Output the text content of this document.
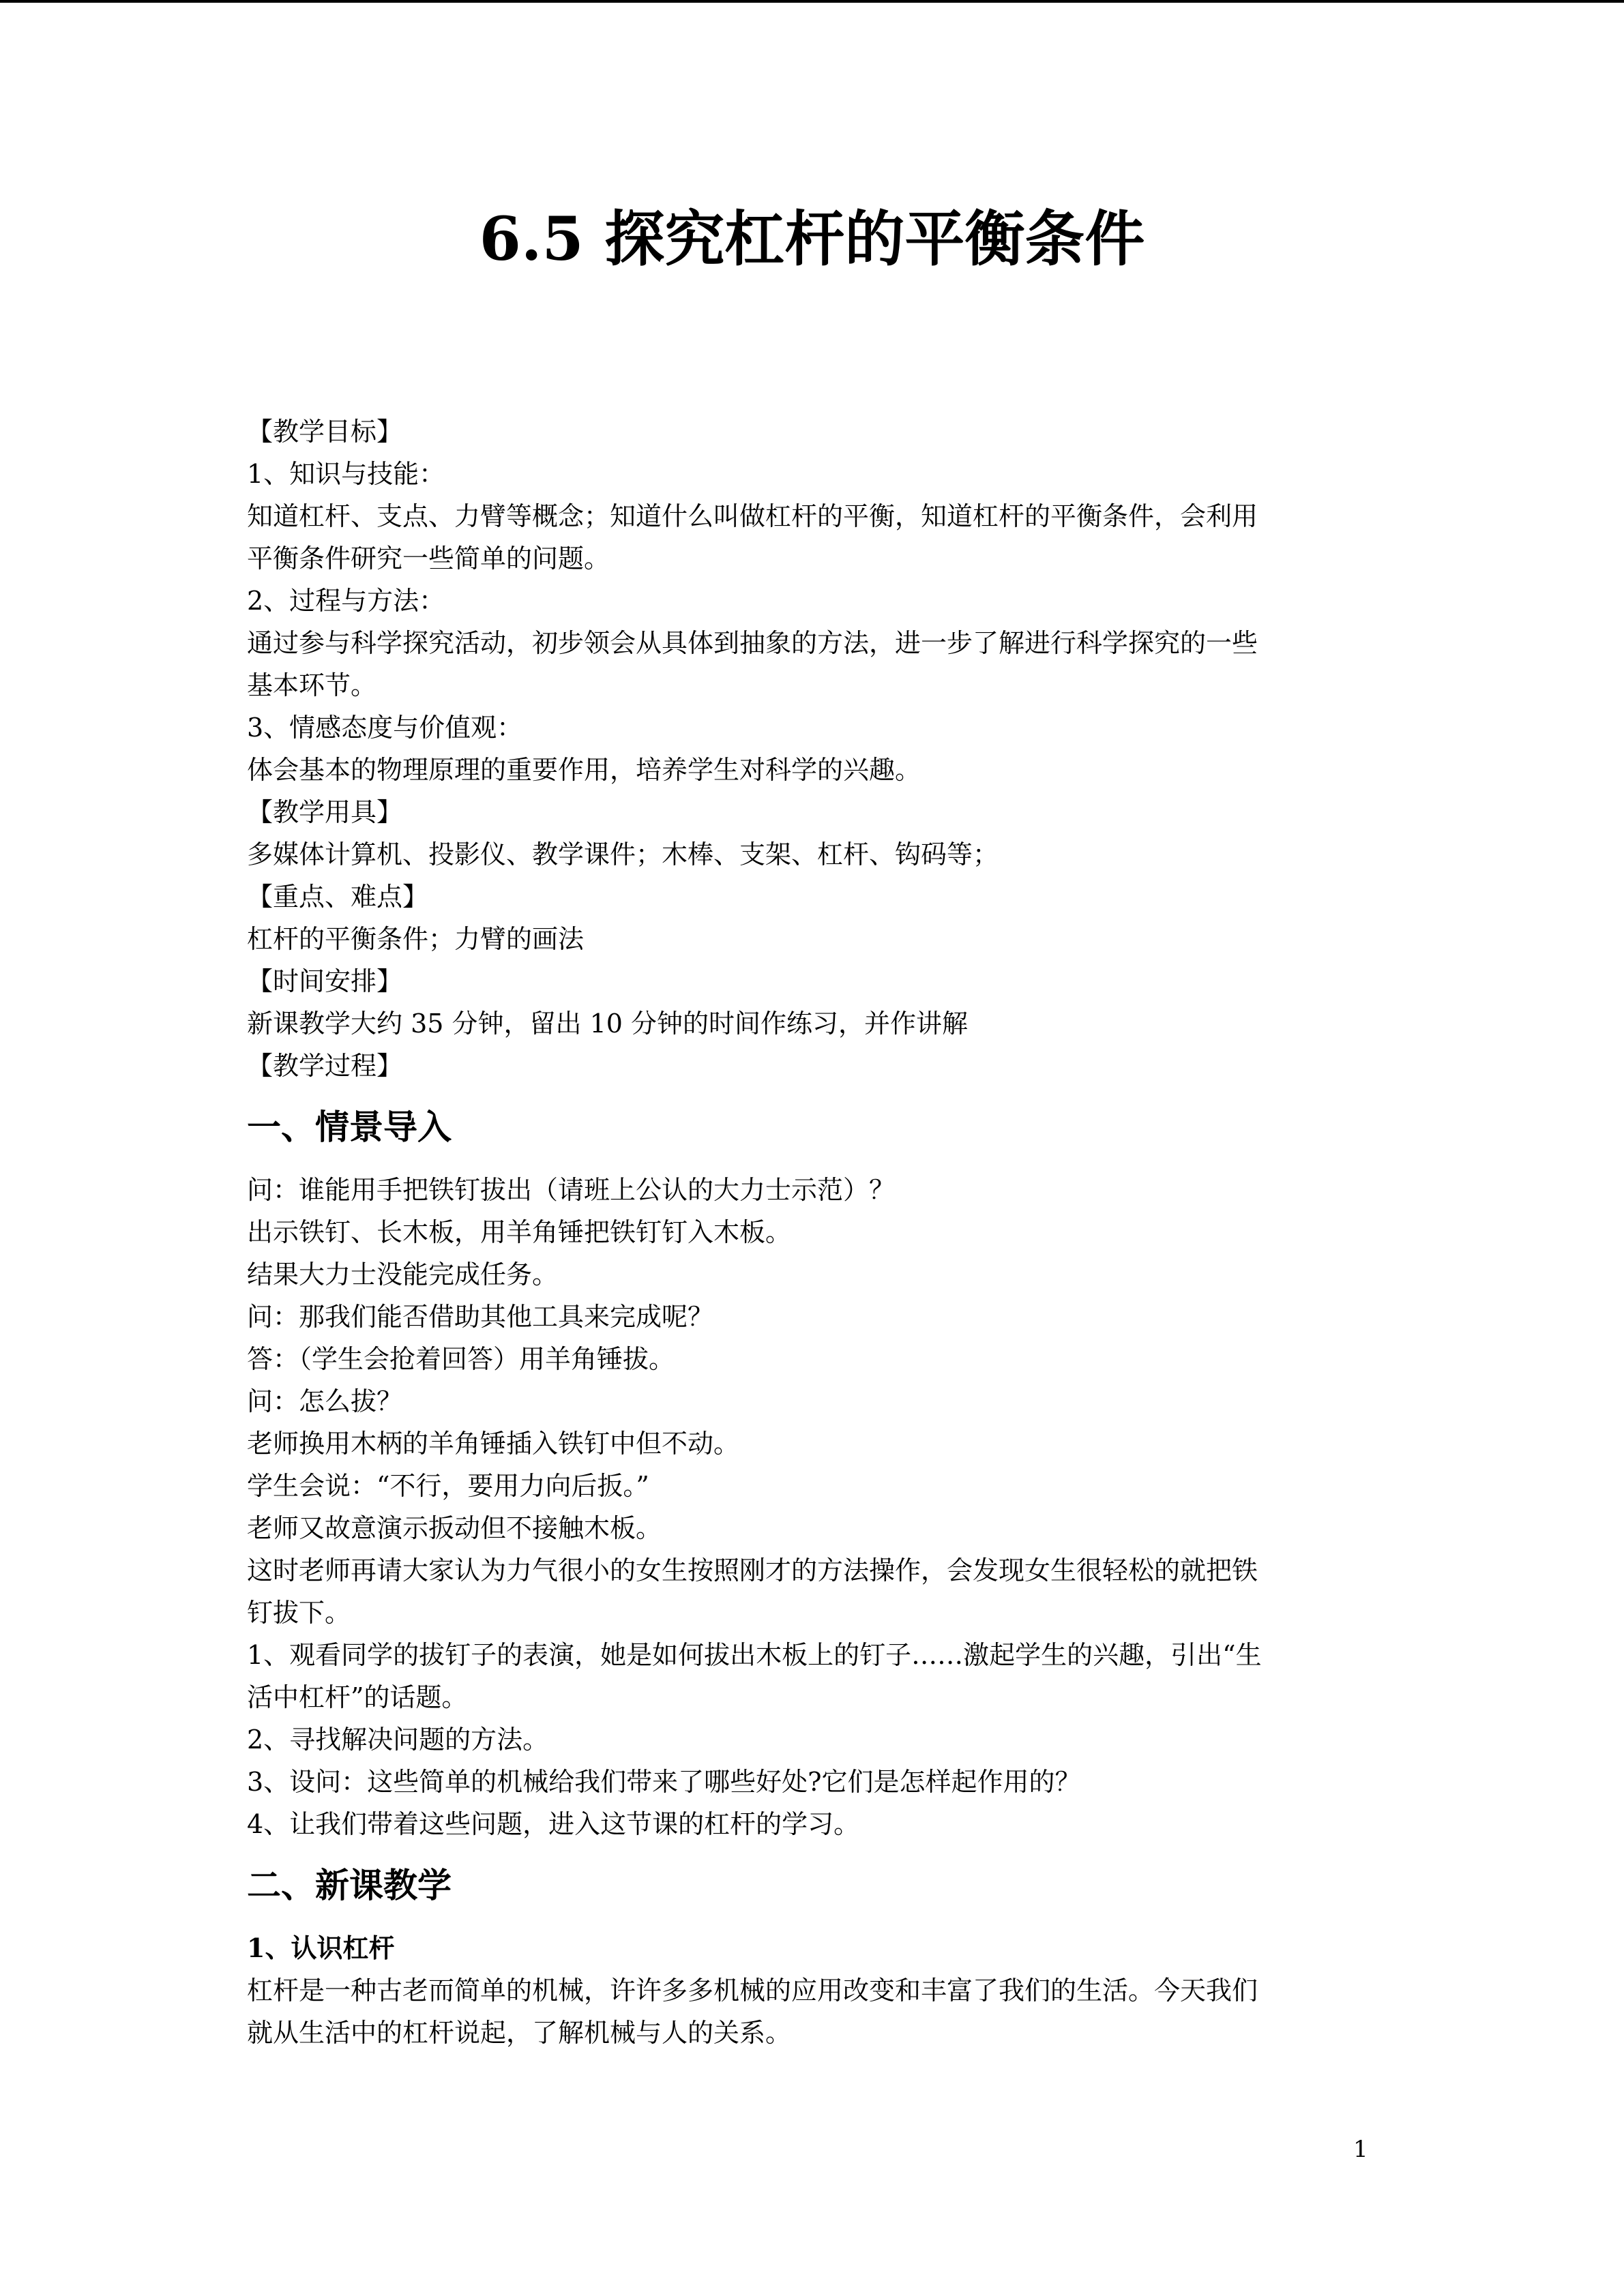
6.5 探究杠杆的平衡条件

【教学目标】

1、知识与技能：

知道杠杆、支点、力臂等概念；知道什么叫做杠杆的平衡，知道杠杆的平衡条件，会利用

平衡条件研究一些简单的问题。

2、过程与方法：

通过参与科学探究活动，初步领会从具体到抽象的方法，进一步了解进行科学探究的一些

基本环节。

3、情感态度与价值观：

体会基本的物理原理的重要作用，培养学生对科学的兴趣。

【教学用具】

多媒体计算机、投影仪、教学课件；木棒、支架、杠杆、钩码等；

【重点、难点】

杠杆的平衡条件；力臂的画法

【时间安排】

新课教学大约 35 分钟，留出 10 分钟的时间作练习，并作讲解

【教学过程】

一、情景导入

问：谁能用手把铁钉拔出（请班上公认的大力士示范）？

出示铁钉、长木板，用羊角锤把铁钉钉入木板。

结果大力士没能完成任务。

问：那我们能否借助其他工具来完成呢？

答：（学生会抢着回答）用羊角锤拔。

问：怎么拔？

老师换用木柄的羊角锤插入铁钉中但不动。

学生会说：“不行，要用力向后扳。”

老师又故意演示扳动但不接触木板。

这时老师再请大家认为力气很小的女生按照刚才的方法操作，会发现女生很轻松的就把铁

钉拔下。

1、观看同学的拔钉子的表演，她是如何拔出木板上的钉子……激起学生的兴趣，引出“生

活中杠杆”的话题。

2、寻找解决问题的方法。

3、设问：这些简单的机械给我们带来了哪些好处?它们是怎样起作用的？

4、让我们带着这些问题，进入这节课的杠杆的学习。

二、新课教学
1、认识杠杆

杠杆是一种古老而简单的机械，许许多多机械的应用改变和丰富了我们的生活。今天我们

就从生活中的杠杆说起，了解机械与人的关系。

1
